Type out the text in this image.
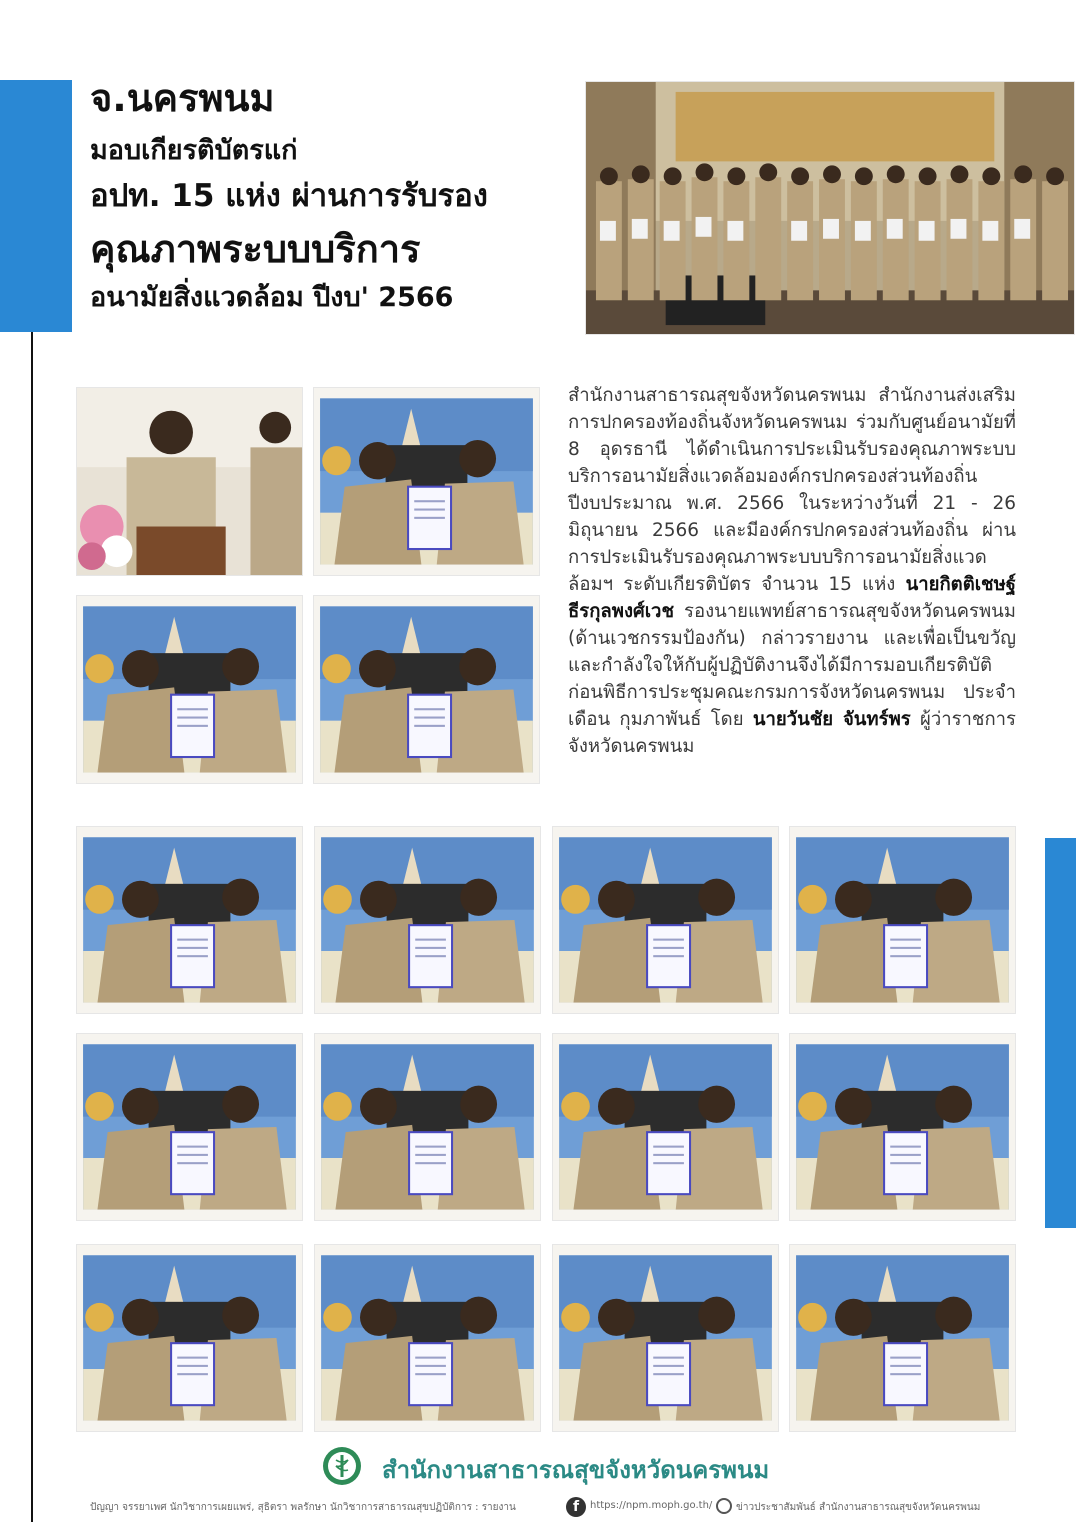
จ.นครพนม
มอบเกียรติบัตรแก่
อปท. 15 แห่ง ผ่านการรับรอง
คุณภาพระบบบริการ
อนามัยสิ่งแวดล้อม ปีงบ' 2566
สำนักงานสาธารณสุขจังหวัดนครพนม สำนักงานส่งเสริมการปกครองท้องถิ่นจังหวัดนครพนม ร่วมกับศูนย์อนามัยที่ 8 อุดรธานี ได้ดำเนินการประเมินรับรองคุณภาพระบบบริการอนามัยสิ่งแวดล้อมองค์กรปกครองส่วนท้องถิ่น ปีงบประมาณ พ.ศ. 2566 ในระหว่างวันที่ 21 - 26 มิถุนายน 2566 และมีองค์กรปกครองส่วนท้องถิ่น ผ่านการประเมินรับรองคุณภาพระบบบริการอนามัยสิ่งแวดล้อมฯ ระดับเกียรติบัตร จำนวน 15 แห่ง นายกิตติเชษฐ์ ธีรกุลพงศ์เวช รองนายแพทย์สาธารณสุขจังหวัดนครพนม (ด้านเวชกรรมป้องกัน) กล่าวรายงาน และเพื่อเป็นขวัญและกำลังใจให้กับผู้ปฏิบัติงานจึงได้มีการมอบเกียรติบัติ ก่อนพิธีการประชุมคณะกรมการจังหวัดนครพนม ประจำเดือน กุมภาพันธ์ โดย นายวันชัย จันทร์พร ผู้ว่าราชการจังหวัดนครพนม
สำนักงานสาธารณสุขจังหวัดนครพนม
ปัญญา จรรยาเพศ นักวิชาการเผยแพร่, สุธิตรา พลรักษา นักวิชาการสาธารณสุขปฏิบัติการ : รายงาน	f	https://npm.moph.go.th/ ข่าวประชาสัมพันธ์ สำนักงานสาธารณสุขจังหวัดนครพนม
